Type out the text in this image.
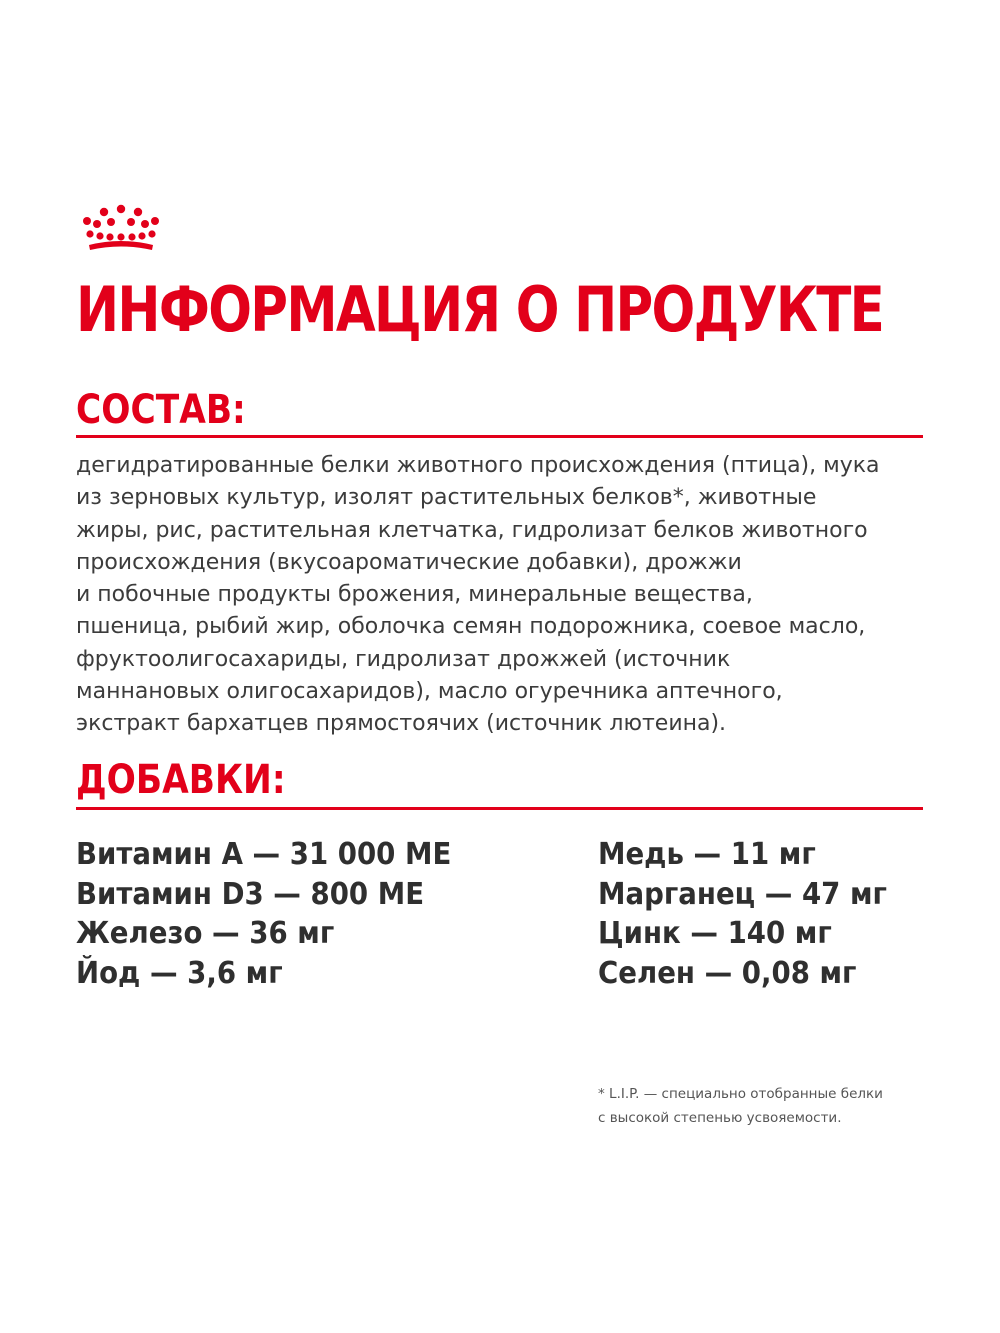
ИНФОРМАЦИЯ О ПРОДУКТЕ
СОСТАВ:

дегидратированные белки животного происхождения (птица), мука
из зерновых культур, изолят растительных белков*, животные
жиры, рис, растительная клетчатка, гидролизат белков животного
происхождения (вкусоароматические добавки), дрожжи
и побочные продукты брожения, минеральные вещества,
пшеница, рыбий жир, оболочка семян подорожника, соевое масло,
фруктоолигосахариды, гидролизат дрожжей (источник
маннановых олигосахаридов), масло огуречника аптечного,
экстракт бархатцев прямостоячих (источник лютеина).

ДОБАВКИ:
Витамин А — 31 000 МЕ
Витамин D3 — 800 МЕ
Железо — 36 мг
Йод — 3,6 мг
Медь — 11 мг
Марганец — 47 мг
Цинк — 140 мг
Селен — 0,08 мг

* L.I.P. — специально отобранные белки
с высокой степенью усвояемости.
